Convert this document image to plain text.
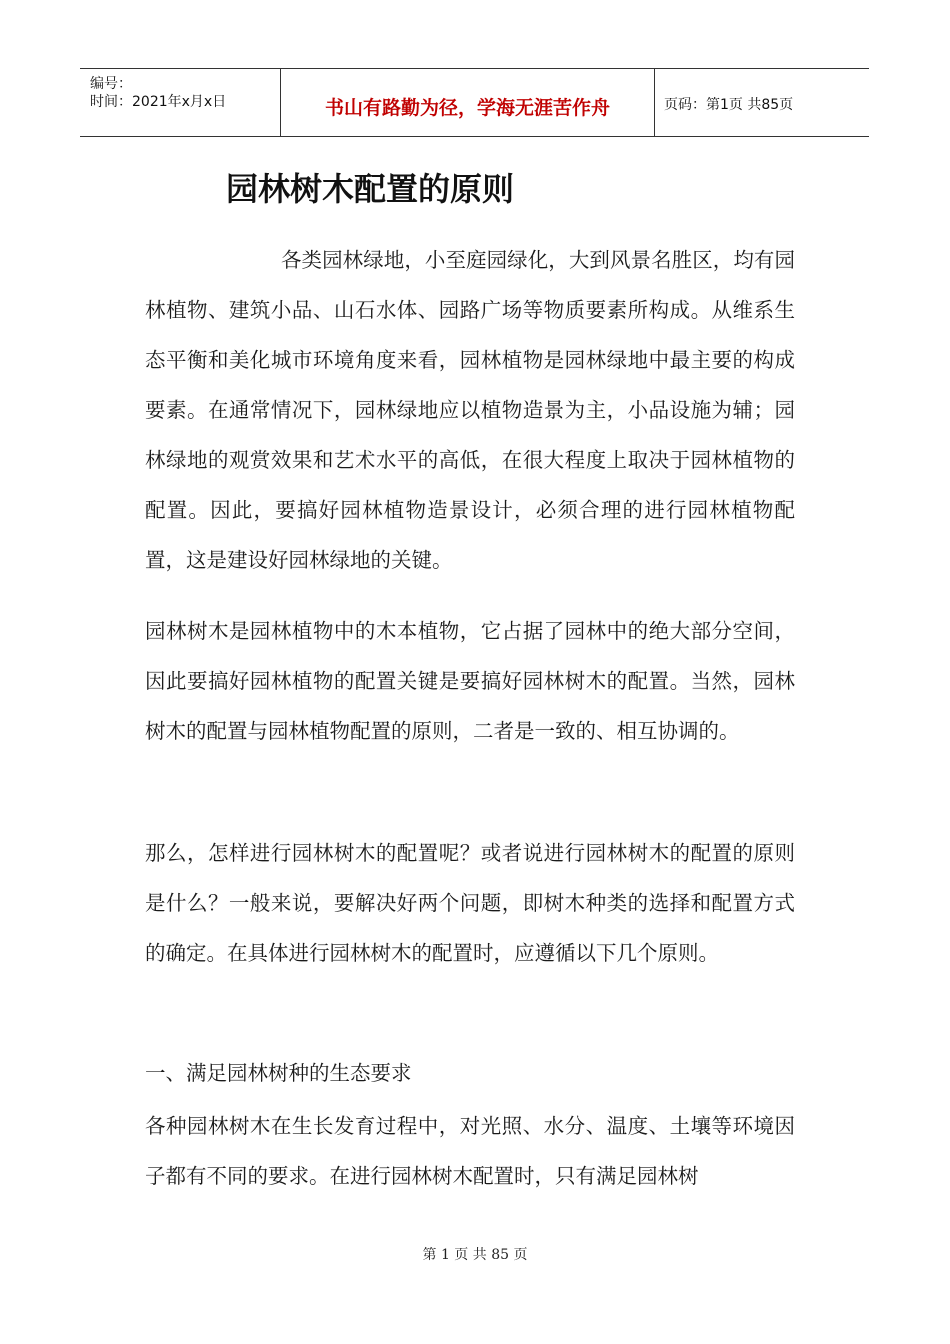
编号：
时间：2021年x月x日	书山有路勤为径，学海无涯苦作舟	页码：第1页 共85页
园林树木配置的原则
各类园林绿地，小至庭园绿化，大到风景名胜区，均有园林植物、建筑小品、山石水体、园路广场等物质要素所构成。从维系生态平衡和美化城市环境角度来看，园林植物是园林绿地中最主要的构成要素。在通常情况下，园林绿地应以植物造景为主，小品设施为辅；园林绿地的观赏效果和艺术水平的高低，在很大程度上取决于园林植物的配置。因此，要搞好园林植物造景设计，必须合理的进行园林植物配置，这是建设好园林绿地的关键。
园林树木是园林植物中的木本植物，它占据了园林中的绝大部分空间，因此要搞好园林植物的配置关键是要搞好园林树木的配置。当然，园林树木的配置与园林植物配置的原则，二者是一致的、相互协调的。
那么，怎样进行园林树木的配置呢？或者说进行园林树木的配置的原则是什么？一般来说，要解决好两个问题，即树木种类的选择和配置方式的确定。在具体进行园林树木的配置时，应遵循以下几个原则。
一、满足园林树种的生态要求
各种园林树木在生长发育过程中，对光照、水分、温度、土壤等环境因子都有不同的要求。在进行园林树木配置时，只有满足园林树
第 1 页 共 85 页
